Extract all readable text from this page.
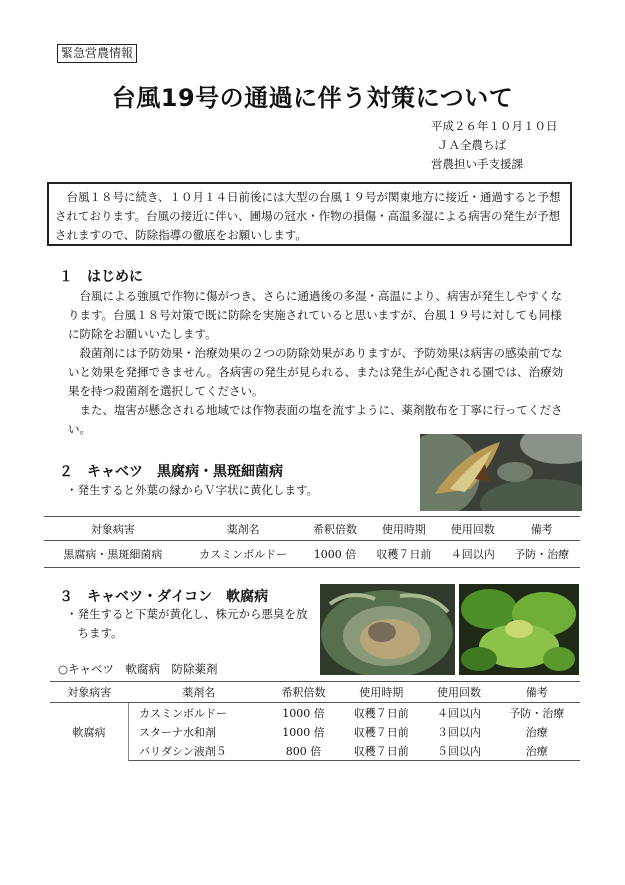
緊急営農情報
台風19号の通過に伴う対策について
平成２６年１０月１０日
ＪＡ全農ちば
営農担い手支援課
台風１８号に続き、１０月１４日前後には大型の台風１９号が関東地方に接近・通過すると予想されております。台風の接近に伴い、圃場の冠水・作物の損傷・高温多湿による病害の発生が予想されますので、防除指導の徹底をお願いします。
１　はじめに

台風による強風で作物に傷がつき、さらに通過後の多湿・高温により、病害が発生しやすくなります。台風１８号対策で既に防除を実施されていると思いますが、台風１９号に対しても同様に防除をお願いいたします。

殺菌剤には予防効果・治療効果の２つの防除効果がありますが、予防効果は病害の感染前でないと効果を発揮できません。各病害の発生が見られる、または発生が心配される園では、治療効果を持つ殺菌剤を選択してください。

また、塩害が懸念される地域では作物表面の塩を流すように、薬剤散布を丁寧に行ってください。

２　キャベツ　黒腐病・黒斑細菌病
・発生すると外葉の縁からＶ字状に黄化します。
対象病害	薬剤名	希釈倍数	使用時期	使用回数	備考
黒腐病・黒斑細菌病	カスミンボルドー	1000 倍	収穫７日前	４回以内	予防・治療
３　キャベツ・ダイコン　軟腐病
・発生すると下葉が黄化し、株元から悪臭を放ちます。
○キャベツ　軟腐病　防除薬剤
対象病害	薬剤名	希釈倍数	使用時期	使用回数	備考
軟腐病	カスミンボルドー	1000 倍	収穫７日前	４回以内	予防・治療
	スターナ水和剤	1000 倍	収穫７日前	３回以内	治療
	バリダシン液剤５	800 倍	収穫７日前	５回以内	治療
